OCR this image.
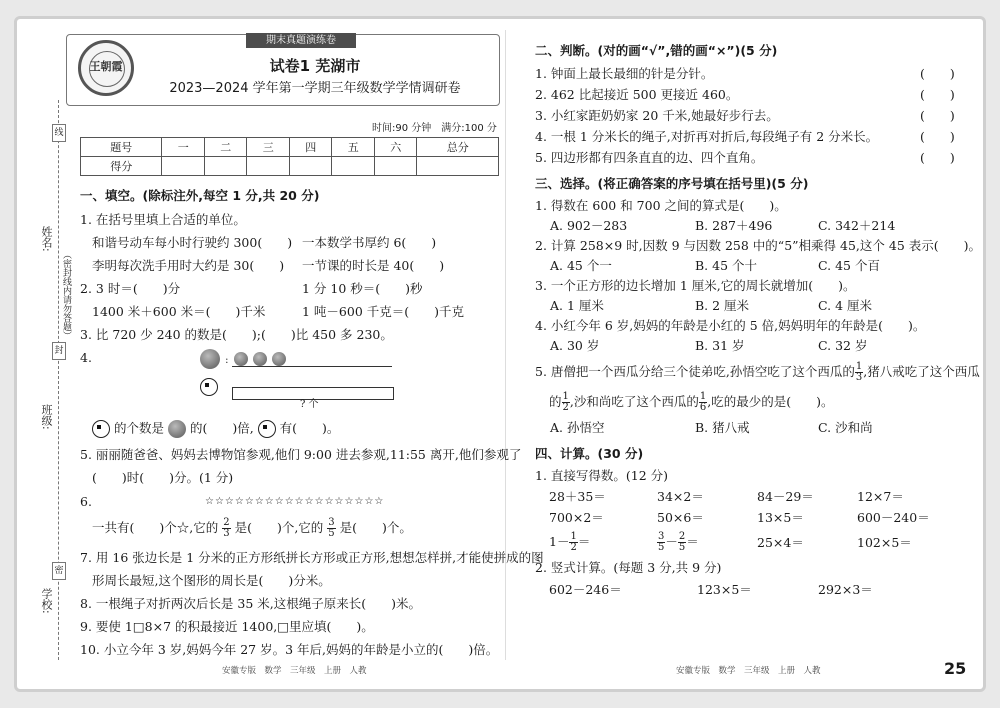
姓名:
班级:
学校:
（密封线内请勿答题）
线
封
密
期末真题演练卷
王朝霞	试卷1 芜湖市
2023—2024 学年第一学期三年级数学学情调研卷
时间:90 分钟　满分:100 分
题号	一	二	三	四	五	六	总分
得分							
一、填空。(除标注外,每空 1 分,共 20 分)
1. 在括号里填上合适的单位。
和谐号动车每小时行驶约 300(　　) 一本数学书厚约 6(　　)
李明每次洗手用时大约是 30(　　) 一节课的时长是 40(　　)
2. 3 时＝(　　)分	1 分 10 秒＝(　　)秒
1400 米＋600 米＝(　　)千米	1 吨－600 千克＝(　　)千克
3. 比 720 少 240 的数是(　　);(　　)比 450 多 230。
4.	:
? 个
的个数是 的(　　)倍, 有(　　)。
5. 丽丽随爸爸、妈妈去博物馆参观,他们 9:00 进去参观,11:55 离开,他们参观了
(　　)时(　　)分。(1 分)
6.	☆☆☆☆☆☆☆☆☆☆☆☆☆☆☆☆☆☆
一共有(　　)个☆,它的 $\frac{2}{3}$ 是(　　)个,它的 $\frac{3}{5}$ 是(　　)个。
7. 用 16 张边长是 1 分米的正方形纸拼长方形或正方形,想想怎样拼,才能使拼成的图
形周长最短,这个图形的周长是(　　)分米。
8. 一根绳子对折两次后长是 35 米,这根绳子原来长(　　)米。
9. 要使 1□8×7 的积最接近 1400,□里应填(　　)。
10. 小立今年 3 岁,妈妈今年 27 岁。3 年后,妈妈的年龄是小立的(　　)倍。
二、判断。(对的画“√”,错的画“×”)(5 分)
1. 钟面上最长最细的针是分针。	(　　)
2. 462 比起接近 500 更接近 460。	(　　)
3. 小红家距奶奶家 20 千米,她最好步行去。	(　　)
4. 一根 1 分米长的绳子,对折再对折后,每段绳子有 2 分米长。	(　　)
5. 四边形都有四条直直的边、四个直角。	(　　)
三、选择。(将正确答案的序号填在括号里)(5 分)
1. 得数在 600 和 700 之间的算式是(　　)。
A. 902－283	B. 287＋496	C. 342＋214
2. 计算 258×9 时,因数 9 与因数 258 中的“5”相乘得 45,这个 45 表示(　　)。
A. 45 个一	B. 45 个十	C. 45 个百
3. 一个正方形的边长增加 1 厘米,它的周长就增加(　　)。
A. 1 厘米	B. 2 厘米	C. 4 厘米
4. 小红今年 6 岁,妈妈的年龄是小红的 5 倍,妈妈明年的年龄是(　　)。
A. 30 岁	B. 31 岁	C. 32 岁
5. 唐僧把一个西瓜分给三个徒弟吃,孙悟空吃了这个西瓜的 $\frac{1}{3}$ ,猪八戒吃了这个西瓜
的 $\frac{1}{2}$ ,沙和尚吃了这个西瓜的 $\frac{1}{6}$ ,吃的最少的是(　　)。
A. 孙悟空	B. 猪八戒	C. 沙和尚
四、计算。(30 分)
1. 直接写得数。(12 分)
28＋35＝	34×2＝	84－29＝	12×7＝
700×2＝	50×6＝	13×5＝	600－240＝
$1- \frac{1}{2}$ ＝	$\frac{3}{5} - \frac{2}{5}$ ＝	25×4＝	102×5＝
2. 竖式计算。(每题 3 分,共 9 分)
602－246＝	123×5＝	292×3＝
安徽专版　数学　三年级　上册　人教	安徽专版　数学　三年级　上册　人教	25
